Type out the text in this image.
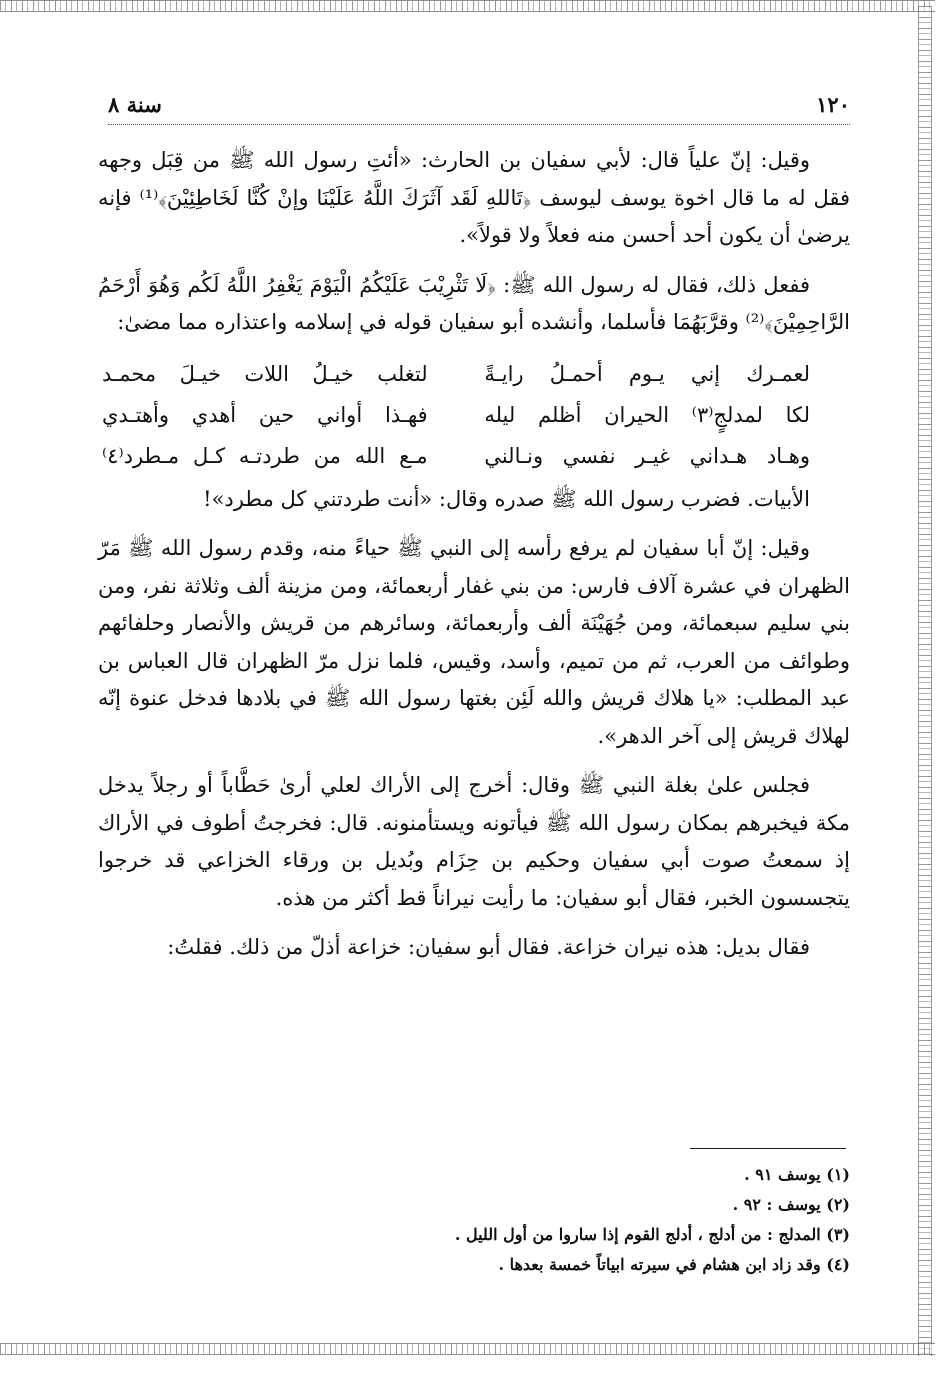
١٢٠
سنة ٨

وقيل: إنّ علياً قال: لأبي سفيان بن الحارث: «أئتِ رسول الله ﷺ من قِبَل وجهه فقل له ما قال اخوة يوسف ليوسف ﴿تَاللهِ لَقَد آثَرَكَ اللَّهُ عَلَيْنَا وإنْ كُنَّا لَخَاطِئِيْنَ﴾⁽¹⁾ فإنه يرضىٰ أن يكون أحد أحسن منه فعلاً ولا قولاً».

ففعل ذلك، فقال له رسول الله ﷺ: ﴿لَا تَثْرِيْبَ عَلَيْكُمُ الْيَوْمَ يَغْفِرُ اللَّهُ لَكُم وَهُوَ أَرْحَمُ الرَّاحِمِيْنَ﴾⁽²⁾ وقرَّبَهُمَا فأسلما، وأنشده أبو سفيان قوله في إسلامه واعتذاره مما مضىٰ:

لعمـرك إني يـوم أحمـلُ رايـةً
لتغلب خيـلُ اللات خيـلَ محمـد
لكا لمدلجٍ⁽٣⁾ الحيران أظلم ليله
فهـذا أواني حين أهدي وأهتـدي
وهـاد هـداني غيـر نفسي ونـالني
مـع الله من طردتـه كـل مـطرد⁽٤⁾

الأبيات. فضرب رسول الله ﷺ صدره وقال: «أنت طردتني كل مطرد»!

وقيل: إنّ أبا سفيان لم يرفع رأسه إلى النبي ﷺ حياءً منه، وقدم رسول الله ﷺ مَرّ الظهران في عشرة آلاف فارس: من بني غفار أربعمائة، ومن مزينة ألف وثلاثة نفر، ومن بني سليم سبعمائة، ومن جُهَيْنَة ألف وأربعمائة، وسائرهم من قريش والأنصار وحلفائهم وطوائف من العرب، ثم من تميم، وأسد، وقيس، فلما نزل مرّ الظهران قال العباس بن عبد المطلب: «يا هلاك قريش والله لَئِن بغتها رسول الله ﷺ في بلادها فدخل عنوة إنّه لهلاك قريش إلى آخر الدهر».

فجلس علىٰ بغلة النبي ﷺ وقال: أخرج إلى الأراك لعلي أرىٰ حَطَّاباً أو رجلاً يدخل مكة فيخبرهم بمكان رسول الله ﷺ فيأتونه ويستأمنونه. قال: فخرجتُ أطوف في الأراك إذ سمعتُ صوت أبي سفيان وحكيم بن حِزَام وبُديل بن ورقاء الخزاعي قد خرجوا يتجسسون الخبر، فقال أبو سفيان: ما رأيت نيراناً قط أكثر من هذه.

فقال بديل: هذه نيران خزاعة. فقال أبو سفيان: خزاعة أذلّ من ذلك. فقلتُ:

(١) يوسف ٩١ .

(٢) يوسف : ٩٢ .

(٣) المدلج : من أدلج ، أدلج القوم إذا ساروا من أول الليل .

(٤) وقد زاد ابن هشام في سيرته ابياتاً خمسة بعدها .
